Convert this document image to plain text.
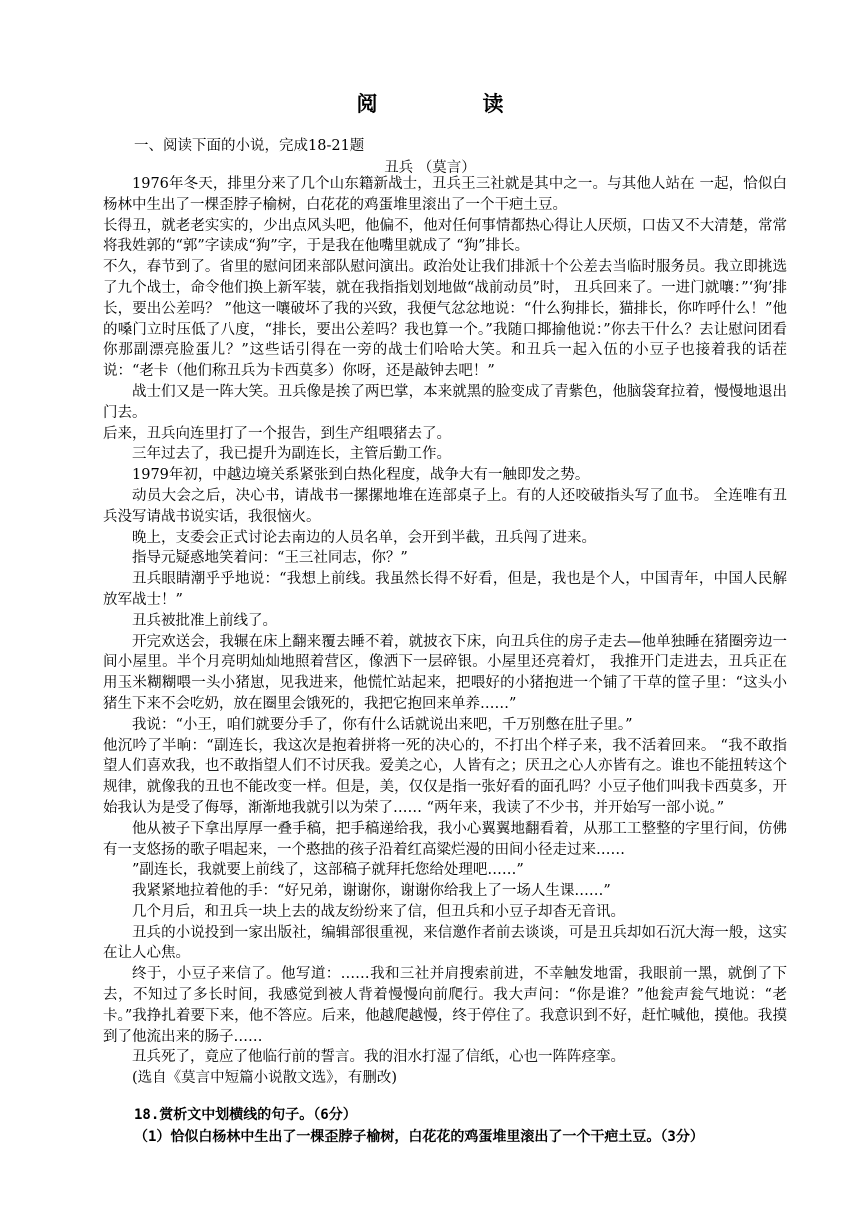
阅　读
一、阅读下面的小说，完成18-21题
丑兵 （莫言）

1976年冬天，排里分来了几个山东籍新战士，丑兵王三社就是其中之一。与其他人站在 一起，恰似白杨林中生出了一棵歪脖子榆树，白花花的鸡蛋堆里滚出了一个干疤土豆。

长得丑，就老老实实的，少出点风头吧，他偏不，他对任何事情都热心得让人厌烦，口齿又不大清楚，常常将我姓郭的“郭”字读成“狗”字，于是我在他嘴里就成了 “狗”排长。

不久，春节到了。省里的慰问团来部队慰问演出。政治处让我们排派十个公差去当临时服务员。我立即挑选了九个战士，命令他们换上新军装，就在我指指划划地做“战前动员”时， 丑兵回来了。一进门就嚷：”‘狗’排长，要出公差吗？ ”他这一嚷破坏了我的兴致，我便气忿忿地说：“什么狗排长，猫排长，你咋呼什么！”他的嗓门立时压低了八度，“排长，要出公差吗？我也算一个。”我随口揶揄他说：”你去干什么？去让慰问团看你那副漂亮脸蛋儿？”这些话引得在一旁的战士们哈哈大笑。和丑兵一起入伍的小豆子也接着我的话茬说：“老卡（他们称丑兵为卡西莫多）你呀，还是敲钟去吧！”

战士们又是一阵大笑。丑兵像是挨了两巴掌，本来就黑的脸变成了青紫色，他脑袋耷拉着，慢慢地退出门去。

后来，丑兵向连里打了一个报告，到生产组喂猪去了。

三年过去了，我已提升为副连长，主管后勤工作。

1979年初，中越边境关系紧张到白热化程度，战争大有一触即发之势。

动员大会之后，决心书，请战书一摞摞地堆在连部桌子上。有的人还咬破指头写了血书。 全连唯有丑兵没写请战书说实话，我很恼火。

晚上，支委会正式讨论去南边的人员名单，会开到半截，丑兵闯了进来。

指导元疑惑地笑着问：“王三社同志，你？”

丑兵眼睛潮乎乎地说：“我想上前线。我虽然长得不好看，但是，我也是个人，中国青年，中国人民解放军战士！”

丑兵被批准上前线了。

开完欢送会，我辗在床上翻来覆去睡不着，就披衣下床，向丑兵住的房子走去—他单独睡在猪圈旁边一间小屋里。半个月亮明灿灿地照着营区，像洒下一层碎银。小屋里还亮着灯， 我推开门走进去，丑兵正在用玉米糊糊喂一头小猪崽，见我进来，他慌忙站起来，把喂好的小猪抱进一个铺了干草的筐子里：“这头小猪生下来不会吃奶，放在圈里会饿死的，我把它抱回来单养……”

我说：“小王，咱们就要分手了，你有什么话就说出来吧，千万别憋在肚子里。”

他沉吟了半晌：“副连长，我这次是抱着拼将一死的决心的，不打出个样子来，我不活着回来。 “我不敢指望人们喜欢我，也不敢指望人们不讨厌我。爱美之心，人皆有之；厌丑之心人亦皆有之。谁也不能扭转这个规律，就像我的丑也不能改变一样。但是，美，仅仅是指一张好看的面孔吗？小豆子他们叫我卡西莫多，开始我认为是受了侮辱，渐渐地我就引以为荣了…… “两年来，我读了不少书，并开始写一部小说。”

他从被子下拿出厚厚一叠手稿，把手稿递给我，我小心翼翼地翻看着，从那工工整整的字里行间，仿佛有一支悠扬的歌子唱起来，一个憨拙的孩子沿着红高粱烂漫的田间小径走过来……

”副连长，我就要上前线了，这部稿子就拜托您给处理吧……”

我紧紧地拉着他的手：“好兄弟，谢谢你，谢谢你给我上了一场人生课……”

几个月后，和丑兵一块上去的战友纷纷来了信，但丑兵和小豆子却杳无音讯。

丑兵的小说投到一家出版社，编辑部很重视，来信邀作者前去谈谈，可是丑兵却如石沉大海一般，这实在让人心焦。

终于，小豆子来信了。他写道：……我和三社并肩搜索前进，不幸触发地雷，我眼前一黑，就倒了下去，不知过了多长时间，我感觉到被人背着慢慢向前爬行。我大声问：“你是谁？”他瓮声瓮气地说：“老卡。”我挣扎着要下来，他不答应。后来，他越爬越慢，终于停住了。我意识到不好，赶忙喊他，摸他。我摸到了他流出来的肠子……

丑兵死了，竟应了他临行前的誓言。我的泪水打湿了信纸，心也一阵阵痉挛。

(选自《莫言中短篇小说散文选》，有删改)

18.赏析文中划横线的句子。（6分）
（1）恰似白杨林中生出了一棵歪脖子榆树，白花花的鸡蛋堆里滚出了一个干疤土豆。（3分）
